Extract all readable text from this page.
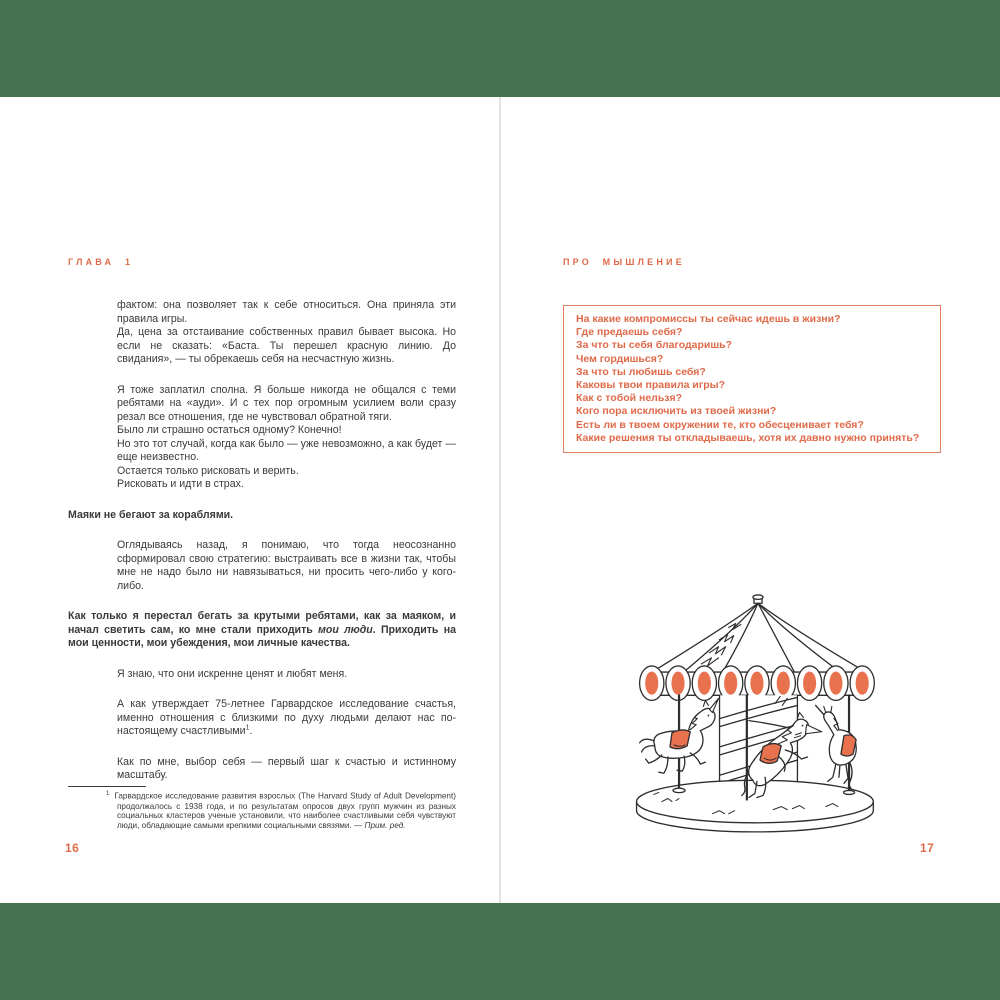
ГЛАВА 1

фактом: она позволяет так к себе относиться. Она приняла эти правила игры.

Да, цена за отстаивание собственных правил бывает высока. Но если не сказать: «Баста. Ты перешел красную линию. До свидания», — ты обрекаешь себя на несчастную жизнь.

Я тоже заплатил сполна. Я больше никогда не общался с теми ребятами на «ауди». И с тех пор огромным усилием воли сразу резал все отношения, где не чувствовал обратной тяги.

Было ли страшно остаться одному? Конечно!

Но это тот случай, когда как было — уже невозможно, а как будет — еще неизвестно.

Остается только рисковать и верить.

Рисковать и идти в страх.

Маяки не бегают за кораблями.

Оглядываясь назад, я понимаю, что тогда неосознанно сформировал свою стратегию: выстраивать все в жизни так, чтобы мне не надо было ни навязываться, ни просить чего-либо у кого-либо.

Как только я перестал бегать за крутыми ребятами, как за маяком, и начал светить сам, ко мне стали приходить мои люди. Приходить на мои ценности, мои убеждения, мои личные качества.

Я знаю, что они искренне ценят и любят меня.

А как утверждает 75-летнее Гарвардское исследование счастья, именно отношения с близкими по духу людьми делают нас по-настоящему счастливыми$^1$.

Как по мне, выбор себя — первый шаг к счастью и истинному масштабу.

$^1$ Гарвардское исследование развития взрослых (The Harvard Study of Adult Development) продолжалось с 1938 года, и по результатам опросов двух групп мужчин из разных социальных кластеров ученые установили, что наиболее счастливыми себя чувствуют люди, обладающие самыми крепкими социальными связями. — Прим. ред.
16
ПРО МЫШЛЕНИЕ
На какие компромиссы ты сейчас идешь в жизни?
Где предаешь себя?
За что ты себя благодаришь?
Чем гордишься?
За что ты любишь себя?
Каковы твои правила игры?
Как с тобой нельзя?
Кого пора исключить из твоей жизни?
Есть ли в твоем окружении те, кто обесценивает тебя?
Какие решения ты откладываешь, хотя их давно нужно принять?
17
